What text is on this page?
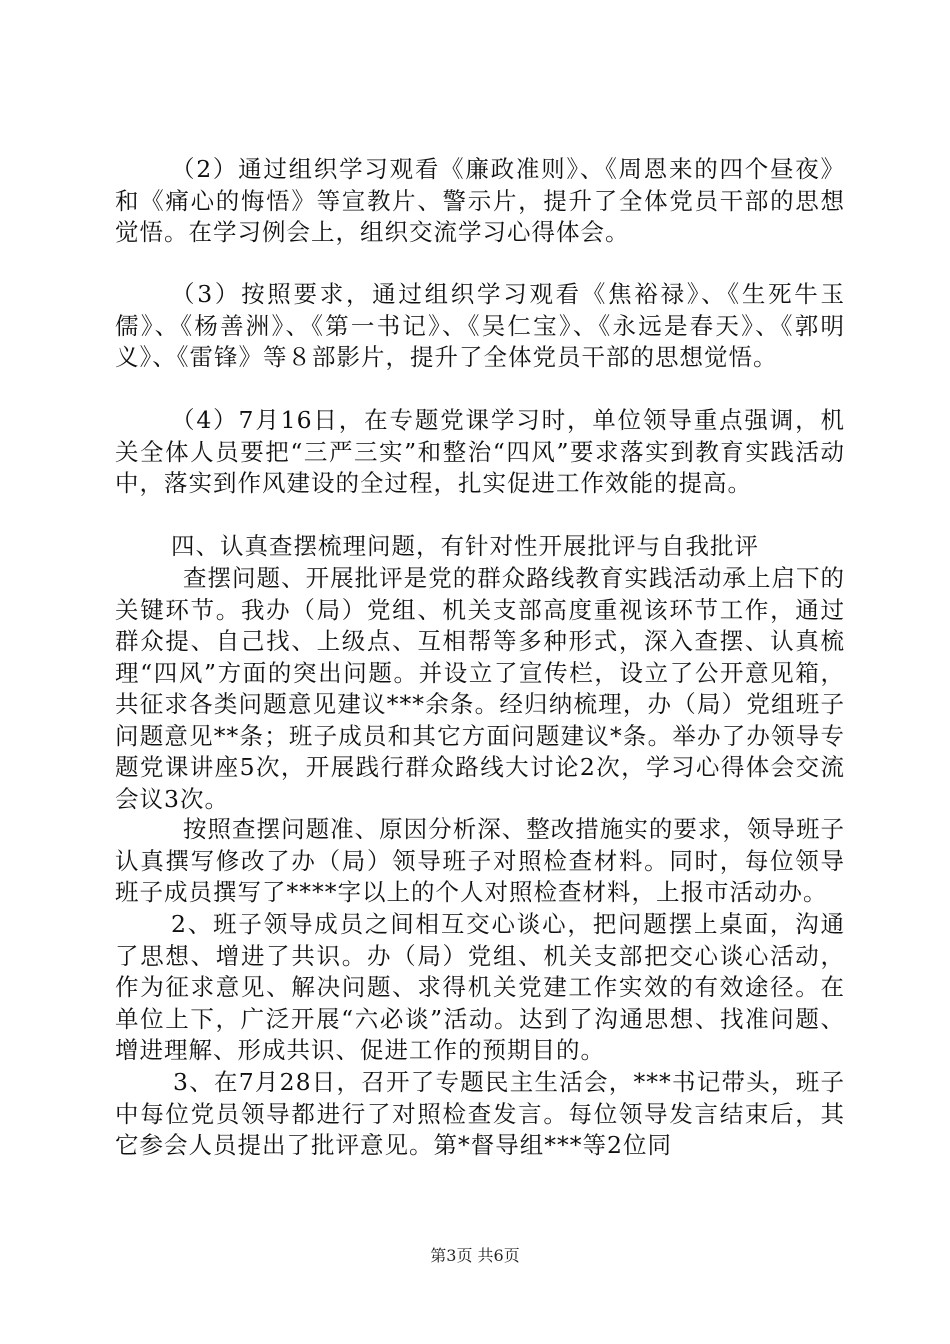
（2）通过组织学习观看《廉政准则》、《周恩来的四个昼夜》和《痛心的悔悟》等宣教片、警示片，提升了全体党员干部的思想觉悟。在学习例会上，组织交流学习心得体会。

（3）按照要求，通过组织学习观看《焦裕禄》、《生死牛玉儒》、《杨善洲》、《第一书记》、《吴仁宝》、《永远是春天》、《郭明义》、《雷锋》等８部影片，提升了全体党员干部的思想觉悟。

（4）7月16日，在专题党课学习时，单位领导重点强调，机关全体人员要把“三严三实”和整治“四风”要求落实到教育实践活动中，落实到作风建设的全过程，扎实促进工作效能的提高。

四、认真查摆梳理问题，有针对性开展批评与自我批评

查摆问题、开展批评是党的群众路线教育实践活动承上启下的关键环节。我办（局）党组、机关支部高度重视该环节工作，通过群众提、自己找、上级点、互相帮等多种形式，深入查摆、认真梳理“四风”方面的突出问题。并设立了宣传栏，设立了公开意见箱，共征求各类问题意见建议***余条。经归纳梳理，办（局）党组班子问题意见**条；班子成员和其它方面问题建议*条。举办了办领导专题党课讲座5次，开展践行群众路线大讨论2次，学习心得体会交流会议3次。

按照查摆问题准、原因分析深、整改措施实的要求，领导班子认真撰写修改了办（局）领导班子对照检查材料。同时，每位领导班子成员撰写了****字以上的个人对照检查材料，上报市活动办。

2、班子领导成员之间相互交心谈心，把问题摆上桌面，沟通了思想、增进了共识。办（局）党组、机关支部把交心谈心活动，作为征求意见、解决问题、求得机关党建工作实效的有效途径。在单位上下，广泛开展“六必谈”活动。达到了沟通思想、找准问题、增进理解、形成共识、促进工作的预期目的。

3、在7月28日，召开了专题民主生活会，***书记带头，班子中每位党员领导都进行了对照检查发言。每位领导发言结束后，其它参会人员提出了批评意见。第*督导组***等2位同

第3页 共6页
